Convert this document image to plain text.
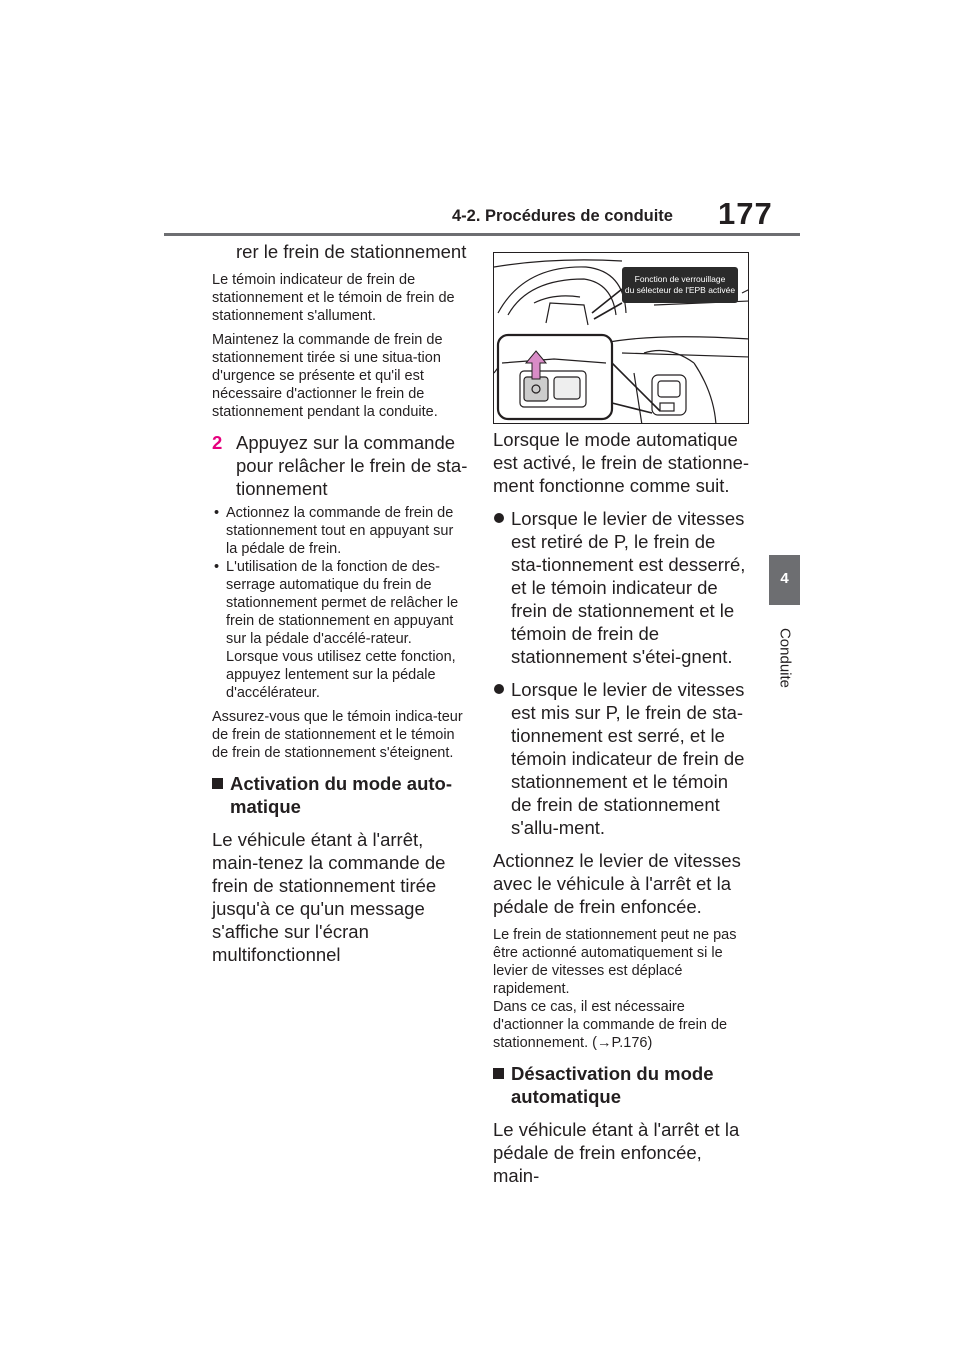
4-2. Procédures de conduite 177
4
Conduite

rer le frein de stationnement

Le témoin indicateur de frein de stationnement et le témoin de frein de stationnement s'allument.

Maintenez la commande de frein de stationnement tirée si une situa-tion d'urgence se présente et qu'il est nécessaire d'actionner le frein de stationnement pendant la conduite.

2 Appuyez sur la commande pour relâcher le frein de sta-tionnement

• Actionnez la commande de frein de stationnement tout en appuyant sur la pédale de frein.

• L'utilisation de la fonction de des-serrage automatique du frein de stationnement permet de relâcher le frein de stationnement en appuyant sur la pédale d'accélé-rateur. Lorsque vous utilisez cette fonction, appuyez lentement sur la pédale d'accélérateur.

Assurez-vous que le témoin indica-teur de frein de stationnement et le témoin de frein de stationnement s'éteignent.

Activation du mode auto-matique

Le véhicule étant à l'arrêt, main-tenez la commande de frein de stationnement tirée jusqu'à ce qu'un message s'affiche sur l'écran multifonctionnel

Fonction de verrouillage
du sélecteur de l'EPB activée

Lorsque le mode automatique est activé, le frein de stationne-ment fonctionne comme suit.

Lorsque le levier de vitesses est retiré de P, le frein de sta-tionnement est desserré, et le témoin indicateur de frein de stationnement et le témoin de frein de stationnement s'étei-gnent.
Lorsque le levier de vitesses est mis sur P, le frein de sta-tionnement est serré, et le témoin indicateur de frein de stationnement et le témoin de frein de stationnement s'allu-ment.

Actionnez le levier de vitesses avec le véhicule à l'arrêt et la pédale de frein enfoncée.

Le frein de stationnement peut ne pas être actionné automatiquement si le levier de vitesses est déplacé rapidement.

Dans ce cas, il est nécessaire d'actionner la commande de frein de stationnement. (→P.176)

Désactivation du mode automatique

Le véhicule étant à l'arrêt et la pédale de frein enfoncée, main-
